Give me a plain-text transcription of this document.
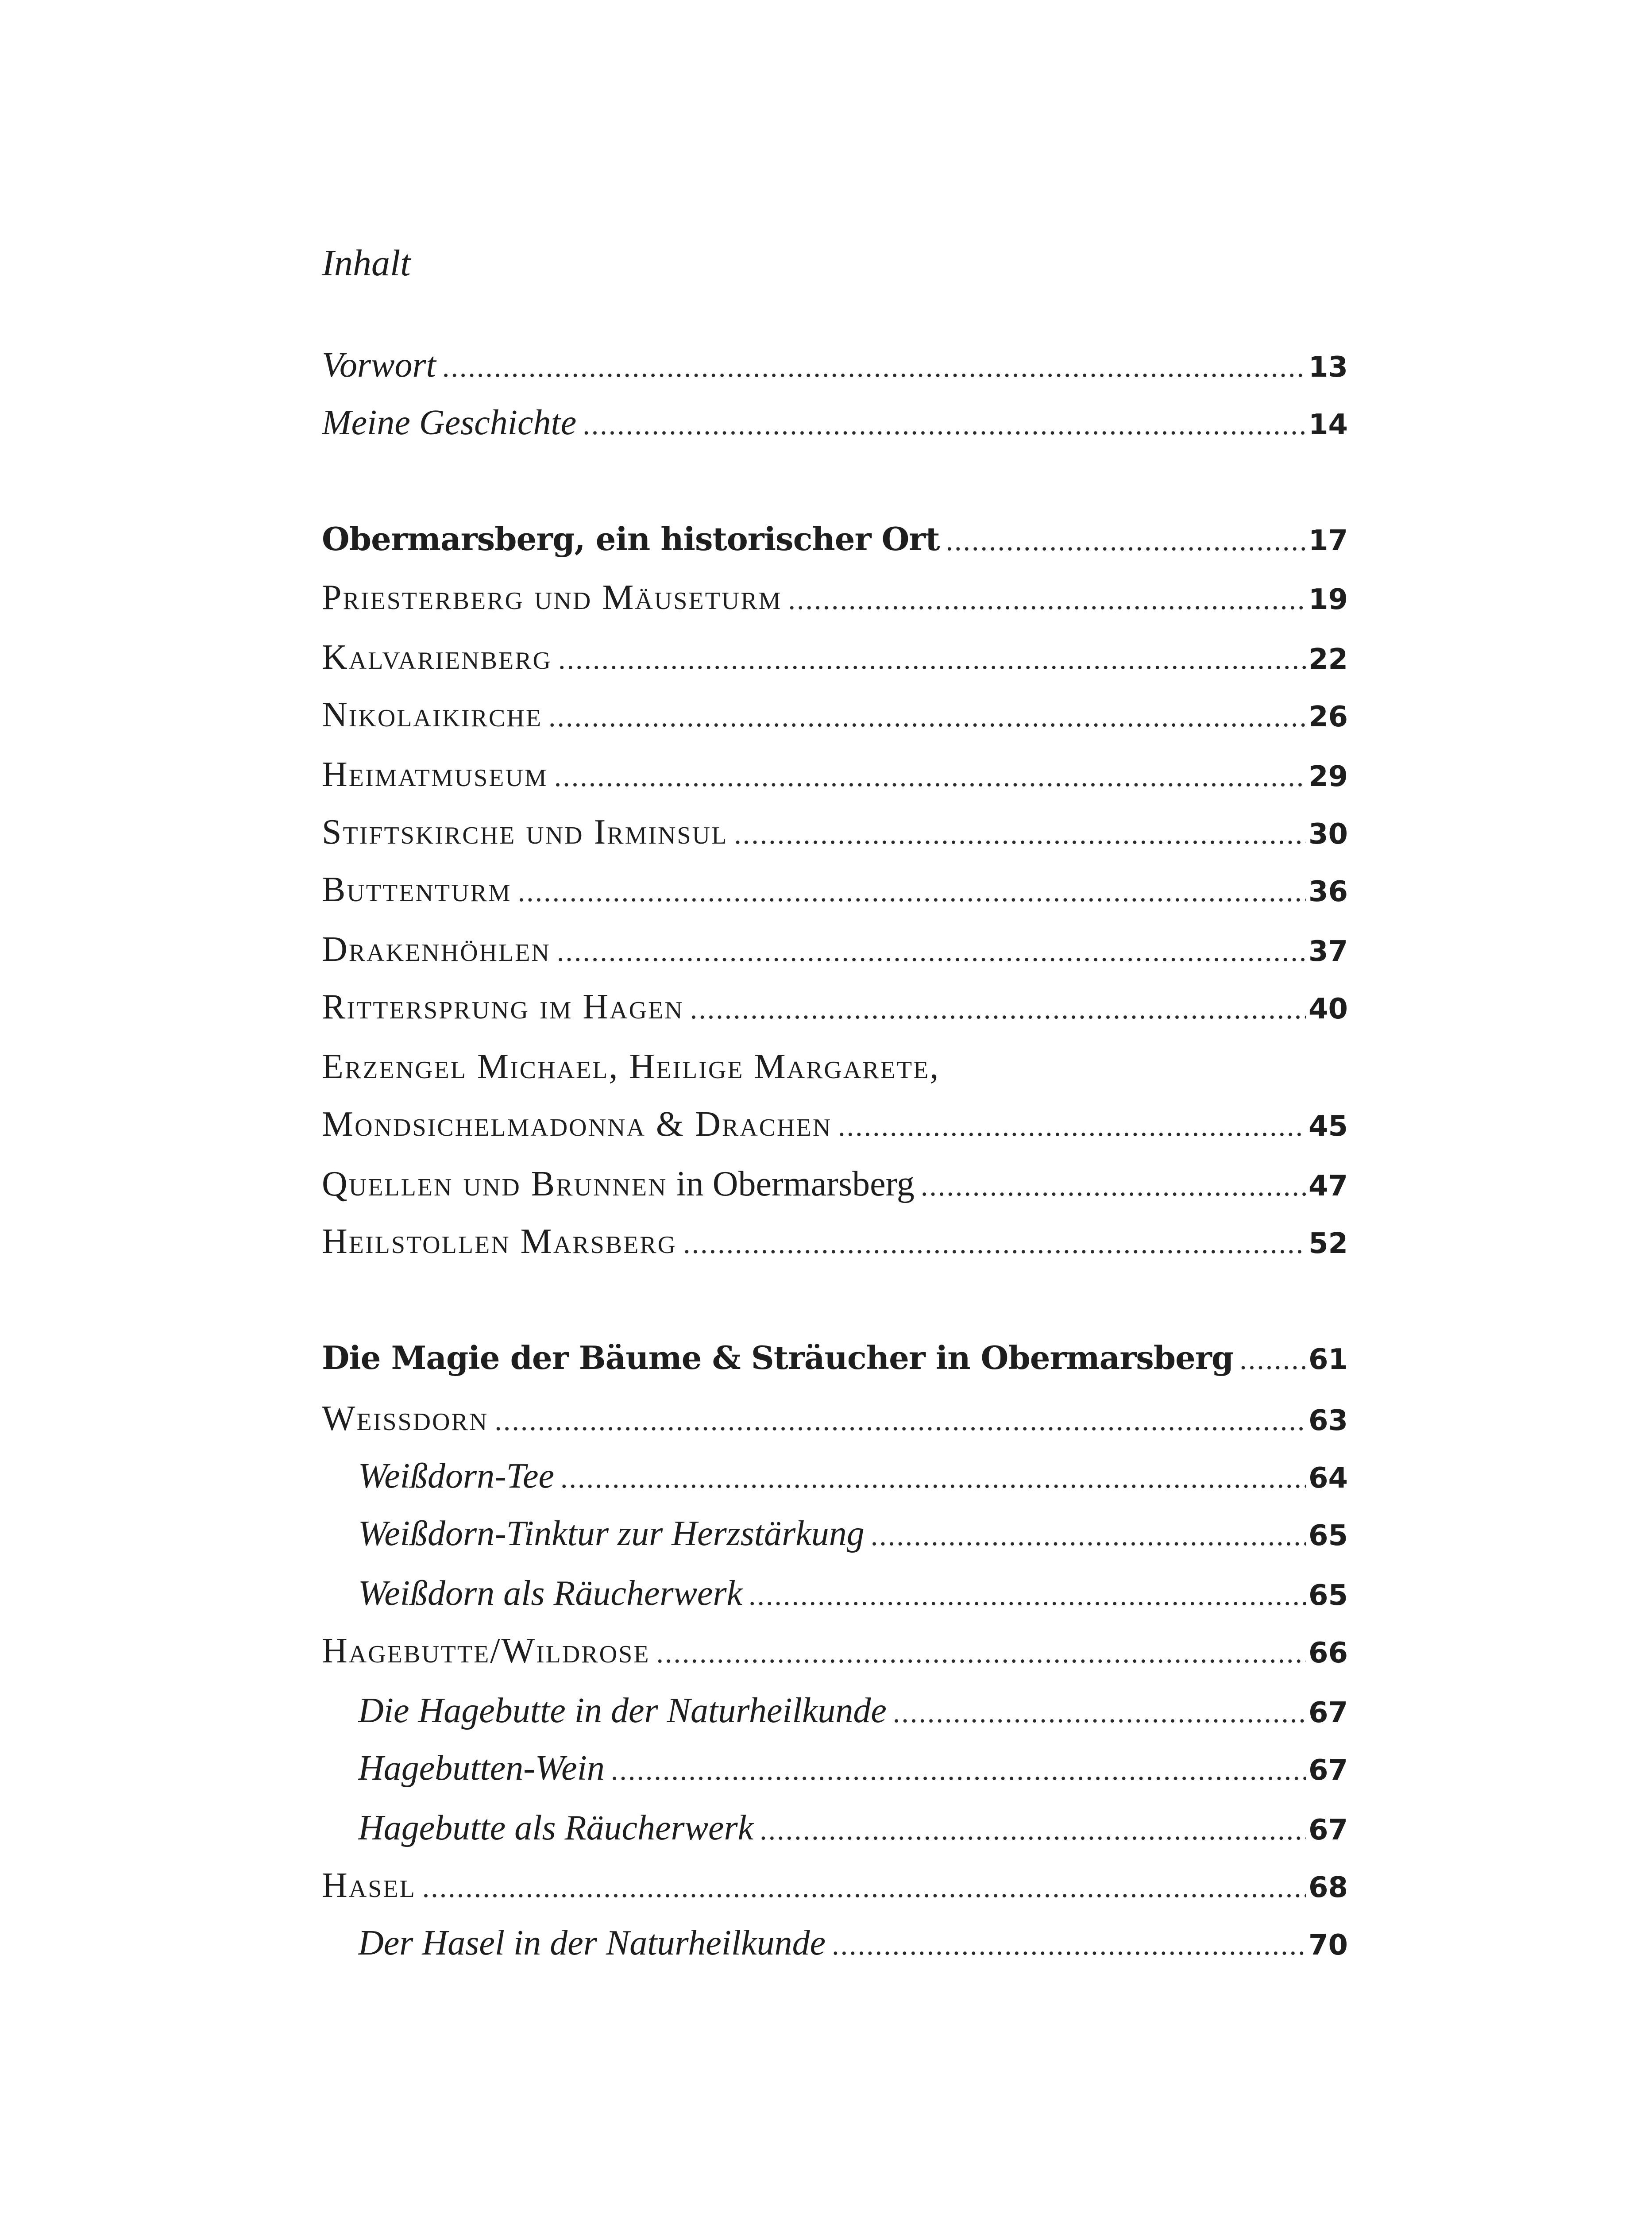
Inhalt
Vorwort .....	13
Meine Geschichte .....	14
Obermarsberg, ein historischer Ort .....	17
Priesterberg und Mäuseturm .....	19
Kalvarienberg .....	22
Nikolaikirche .....	26
Heimatmuseum .....	29
Stiftskirche und Irminsul .....	30
Buttenturm .....	36
Drakenhöhlen .....	37
Rittersprung im Hagen .....	40
Erzengel Michael, Heilige Margarete,
Mondsichelmadonna & Drachen .....	45
Quellen und Brunnen in Obermarsberg .....	47
Heilstollen Marsberg .....	52
Die Magie der Bäume & Sträucher in Obermarsberg .....	61
Weissdorn .....	63
Weißdorn-Tee .....	64
Weißdorn-Tinktur zur Herzstärkung .....	65
Weißdorn als Räucherwerk .....	65
Hagebutte/Wildrose .....	66
Die Hagebutte in der Naturheilkunde .....	67
Hagebutten-Wein .....	67
Hagebutte als Räucherwerk .....	67
Hasel .....	68
Der Hasel in der Naturheilkunde .....	70
